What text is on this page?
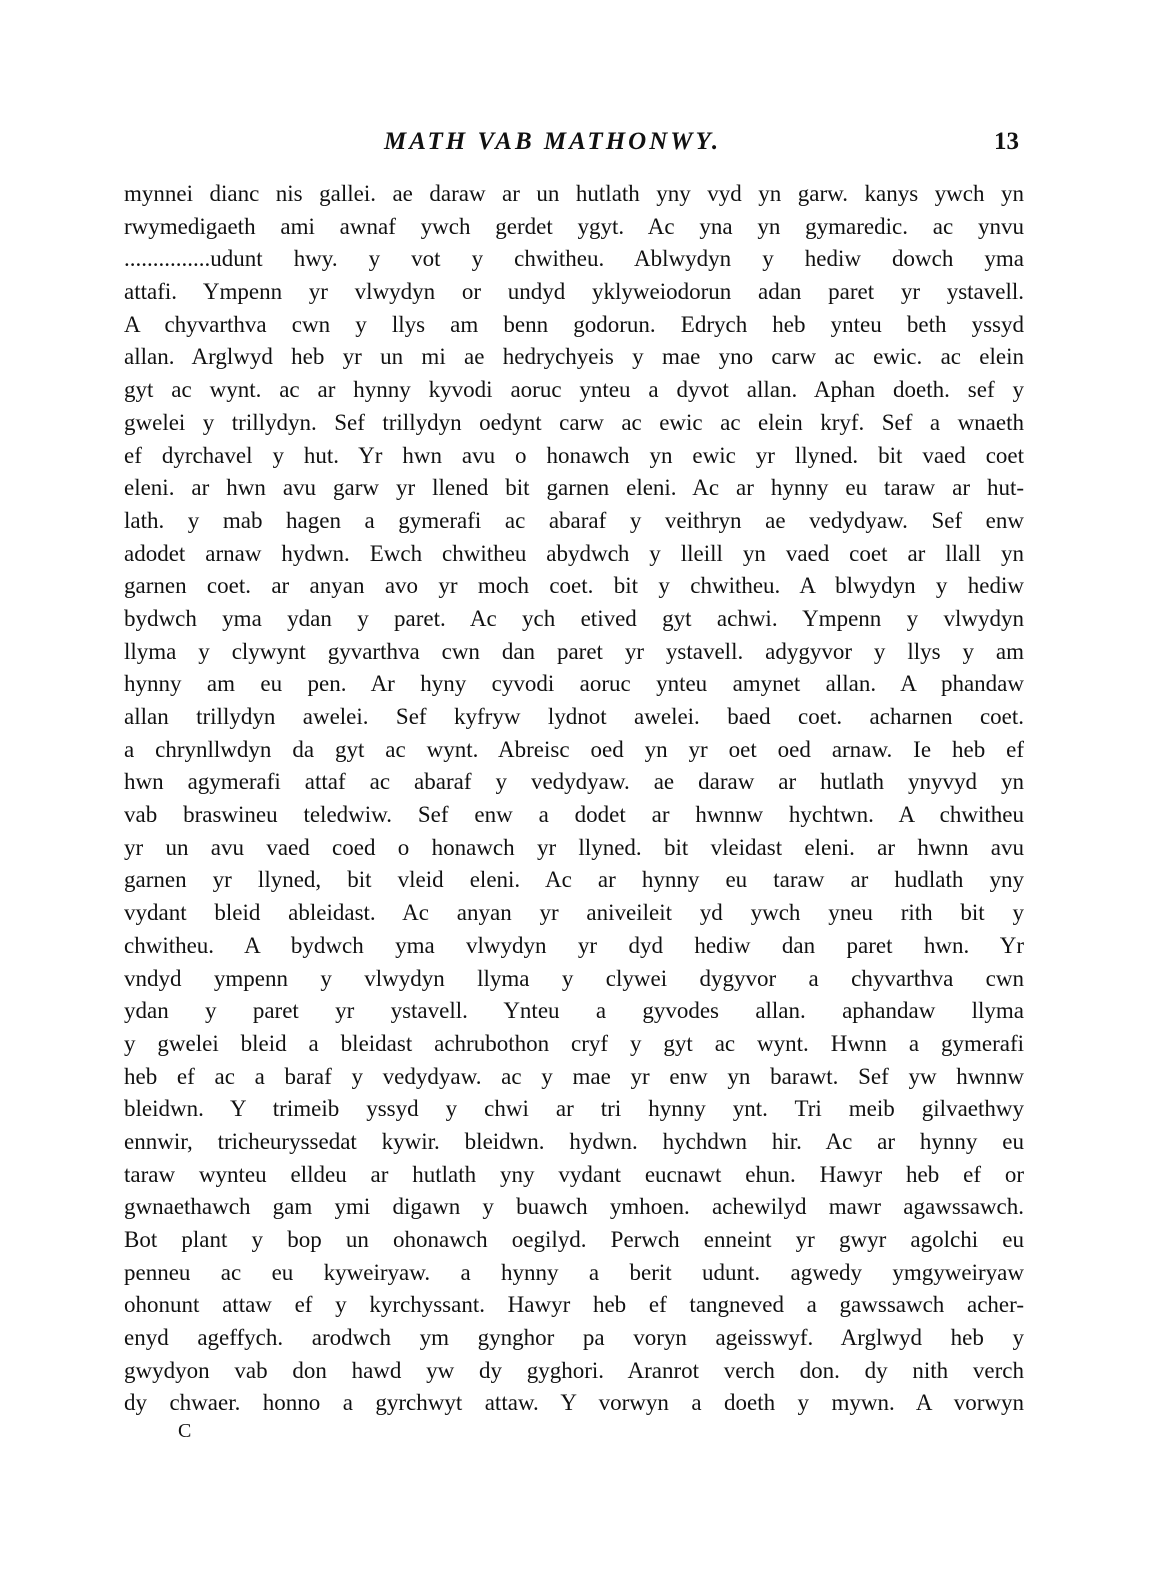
MATH VAB MATHONWY.	13
mynnei dianc nis gallei. ae daraw ar un hutlath yny vyd yn garw. kanys ywch yn
rwymedigaeth ami awnaf ywch gerdet ygyt. Ac yna yn gymaredic. ac ynvu
...............udunt hwy. y vot y chwitheu. Ablwydyn y hediw dowch yma
attafi. Ympenn yr vlwydyn or undyd yklyweiodorun adan paret yr ystavell.
A chyvarthva cwn y llys am benn godorun. Edrych heb ynteu beth yssyd
allan. Arglwyd heb yr un mi ae hedrychyeis y mae yno carw ac ewic. ac elein
gyt ac wynt. ac ar hynny kyvodi aoruc ynteu a dyvot allan. Aphan doeth. sef y
gwelei y trillydyn. Sef trillydyn oedynt carw ac ewic ac elein kryf. Sef a wnaeth
ef dyrchavel y hut. Yr hwn avu o honawch yn ewic yr llyned. bit vaed coet
eleni. ar hwn avu garw yr llened bit garnen eleni. Ac ar hynny eu taraw ar hut-
lath. y mab hagen a gymerafi ac abaraf y veithryn ae vedydyaw. Sef enw
adodet arnaw hydwn. Ewch chwitheu abydwch y lleill yn vaed coet ar llall yn
garnen coet. ar anyan avo yr moch coet. bit y chwitheu. A blwydyn y hediw
bydwch yma ydan y paret. Ac ych etived gyt achwi. Ympenn y vlwydyn
llyma y clywynt gyvarthva cwn dan paret yr ystavell. adygyvor y llys y am
hynny am eu pen. Ar hyny cyvodi aoruc ynteu amynet allan. A phandaw
allan trillydyn awelei. Sef kyfryw lydnot awelei. baed coet. acharnen coet.
a chrynllwdyn da gyt ac wynt. Abreisc oed yn yr oet oed arnaw. Ie heb ef
hwn agymerafi attaf ac abaraf y vedydyaw. ae daraw ar hutlath ynyvyd yn
vab braswineu teledwiw. Sef enw a dodet ar hwnnw hychtwn. A chwitheu
yr un avu vaed coed o honawch yr llyned. bit vleidast eleni. ar hwnn avu
garnen yr llyned, bit vleid eleni. Ac ar hynny eu taraw ar hudlath yny
vydant bleid ableidast. Ac anyan yr aniveileit yd ywch yneu rith bit y
chwitheu. A bydwch yma vlwydyn yr dyd hediw dan paret hwn. Yr
vndyd ympenn y vlwydyn llyma y clywei dygyvor a chyvarthva cwn
ydan y paret yr ystavell. Ynteu a gyvodes allan. aphandaw llyma
y gwelei bleid a bleidast achrubothon cryf y gyt ac wynt. Hwnn a gymerafi
heb ef ac a baraf y vedydyaw. ac y mae yr enw yn barawt. Sef yw hwnnw
bleidwn. Y trimeib yssyd y chwi ar tri hynny ynt. Tri meib gilvaethwy
ennwir, tricheuryssedat kywir. bleidwn. hydwn. hychdwn hir. Ac ar hynny eu
taraw wynteu elldeu ar hutlath yny vydant eucnawt ehun. Hawyr heb ef or
gwnaethawch gam ymi digawn y buawch ymhoen. achewilyd mawr agawssawch.
Bot plant y bop un ohonawch oegilyd. Perwch enneint yr gwyr agolchi eu
penneu ac eu kyweiryaw. a hynny a berit udunt. agwedy ymgyweiryaw
ohonunt attaw ef y kyrchyssant. Hawyr heb ef tangneved a gawssawch acher-
enyd ageffych. arodwch ym gynghor pa voryn ageisswyf. Arglwyd heb y
gwydyon vab don hawd yw dy gyghori. Aranrot verch don. dy nith verch
dy chwaer. honno a gyrchwyt attaw. Y vorwyn a doeth y mywn. A vorwyn
C
